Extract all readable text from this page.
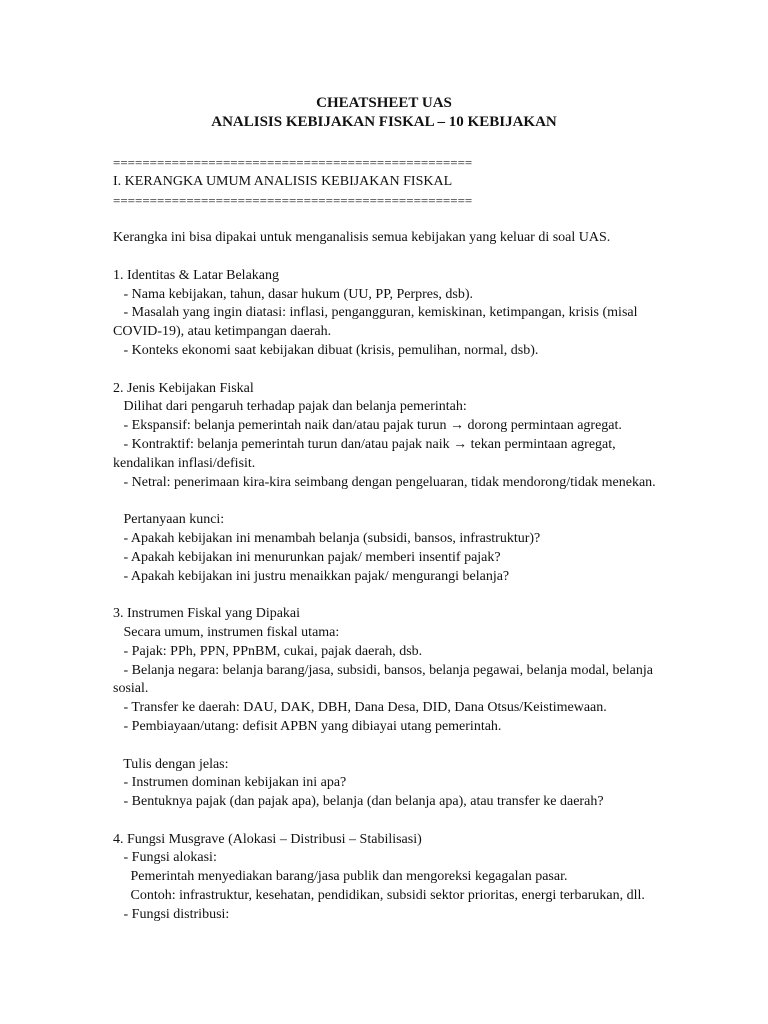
CHEATSHEET UAS
ANALISIS KEBIJAKAN FISKAL – 10 KEBIJAKAN
=================================================
I. KERANGKA UMUM ANALISIS KEBIJAKAN FISKAL
=================================================
Kerangka ini bisa dipakai untuk menganalisis semua kebijakan yang keluar di soal UAS.
1. Identitas & Latar Belakang
- Nama kebijakan, tahun, dasar hukum (UU, PP, Perpres, dsb).
- Masalah yang ingin diatasi: inflasi, pengangguran, kemiskinan, ketimpangan, krisis (misal
COVID-19), atau ketimpangan daerah.
- Konteks ekonomi saat kebijakan dibuat (krisis, pemulihan, normal, dsb).
2. Jenis Kebijakan Fiskal
Dilihat dari pengaruh terhadap pajak dan belanja pemerintah:
- Ekspansif: belanja pemerintah naik dan/atau pajak turun → dorong permintaan agregat.
- Kontraktif: belanja pemerintah turun dan/atau pajak naik → tekan permintaan agregat,
kendalikan inflasi/defisit.
- Netral: penerimaan kira-kira seimbang dengan pengeluaran, tidak mendorong/tidak menekan.
Pertanyaan kunci:
- Apakah kebijakan ini menambah belanja (subsidi, bansos, infrastruktur)?
- Apakah kebijakan ini menurunkan pajak/ memberi insentif pajak?
- Apakah kebijakan ini justru menaikkan pajak/ mengurangi belanja?
3. Instrumen Fiskal yang Dipakai
Secara umum, instrumen fiskal utama:
- Pajak: PPh, PPN, PPnBM, cukai, pajak daerah, dsb.
- Belanja negara: belanja barang/jasa, subsidi, bansos, belanja pegawai, belanja modal, belanja
sosial.
- Transfer ke daerah: DAU, DAK, DBH, Dana Desa, DID, Dana Otsus/Keistimewaan.
- Pembiayaan/utang: defisit APBN yang dibiayai utang pemerintah.
Tulis dengan jelas:
- Instrumen dominan kebijakan ini apa?
- Bentuknya pajak (dan pajak apa), belanja (dan belanja apa), atau transfer ke daerah?
4. Fungsi Musgrave (Alokasi – Distribusi – Stabilisasi)
- Fungsi alokasi:
Pemerintah menyediakan barang/jasa publik dan mengoreksi kegagalan pasar.
Contoh: infrastruktur, kesehatan, pendidikan, subsidi sektor prioritas, energi terbarukan, dll.
- Fungsi distribusi:
